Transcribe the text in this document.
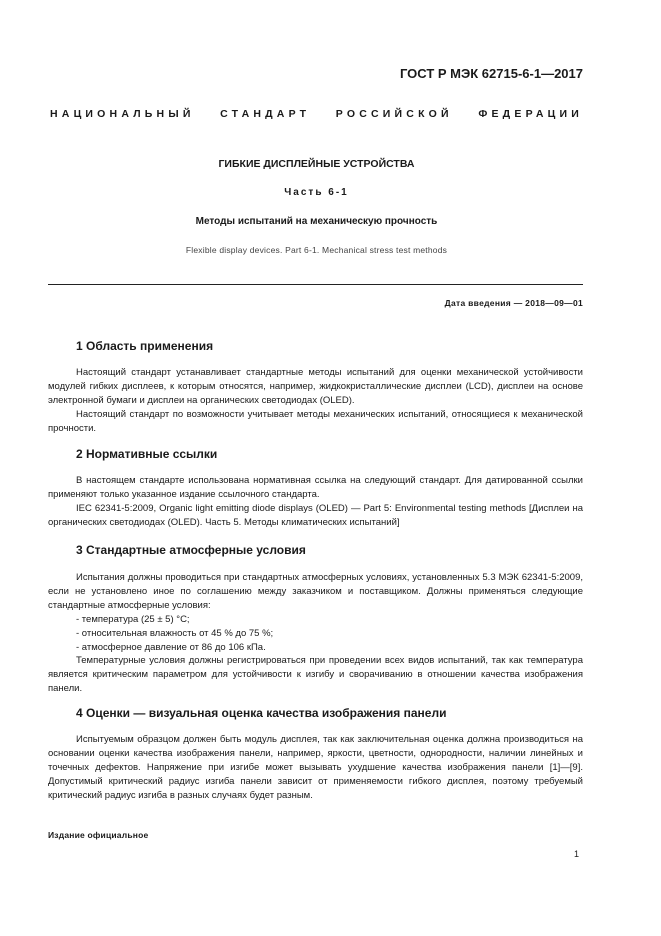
ГОСТ Р МЭК 62715-6-1—2017
НАЦИОНАЛЬНЫЙ СТАНДАРТ РОССИЙСКОЙ ФЕДЕРАЦИИ
ГИБКИЕ ДИСПЛЕЙНЫЕ УСТРОЙСТВА
Часть 6-1
Методы испытаний на механическую прочность
Flexible display devices. Part 6-1. Mechanical stress test methods
Дата введения — 2018—09—01
1 Область применения

Настоящий стандарт устанавливает стандартные методы испытаний для оценки механической устойчивости модулей гибких дисплеев, к которым относятся, например, жидкокристаллические дисплеи (LCD), дисплеи на основе электронной бумаги и дисплеи на органических светодиодах (OLED).

Настоящий стандарт по возможности учитывает методы механических испытаний, относящиеся к механической прочности.

2 Нормативные ссылки

В настоящем стандарте использована нормативная ссылка на следующий стандарт. Для датированной ссылки применяют только указанное издание ссылочного стандарта.

IEC 62341-5:2009, Organic light emitting diode displays (OLED) — Part 5: Environmental testing methods [Дисплеи на органических светодиодах (OLED). Часть 5. Методы климатических испытаний]

3 Стандартные атмосферные условия

Испытания должны проводиться при стандартных атмосферных условиях, установленных 5.3 МЭК 62341-5:2009, если не установлено иное по соглашению между заказчиком и поставщиком. Должны применяться следующие стандартные атмосферные условия:

- температура (25 ± 5) °С;

- относительная влажность от 45 % до 75 %;

- атмосферное давление от 86 до 106 кПа.

Температурные условия должны регистрироваться при проведении всех видов испытаний, так как температура является критическим параметром для устойчивости к изгибу и сворачиванию в отношении качества изображения панели.

4 Оценки — визуальная оценка качества изображения панели

Испытуемым образцом должен быть модуль дисплея, так как заключительная оценка должна производиться на основании оценки качества изображения панели, например, яркости, цветности, однородности, наличии линейных и точечных дефектов. Напряжение при изгибе может вызывать ухудшение качества изображения панели [1]—[9]. Допустимый критический радиус изгиба панели зависит от применяемости гибкого дисплея, поэтому требуемый критический радиус изгиба в разных случаях будет разным.

Издание официальное
1
